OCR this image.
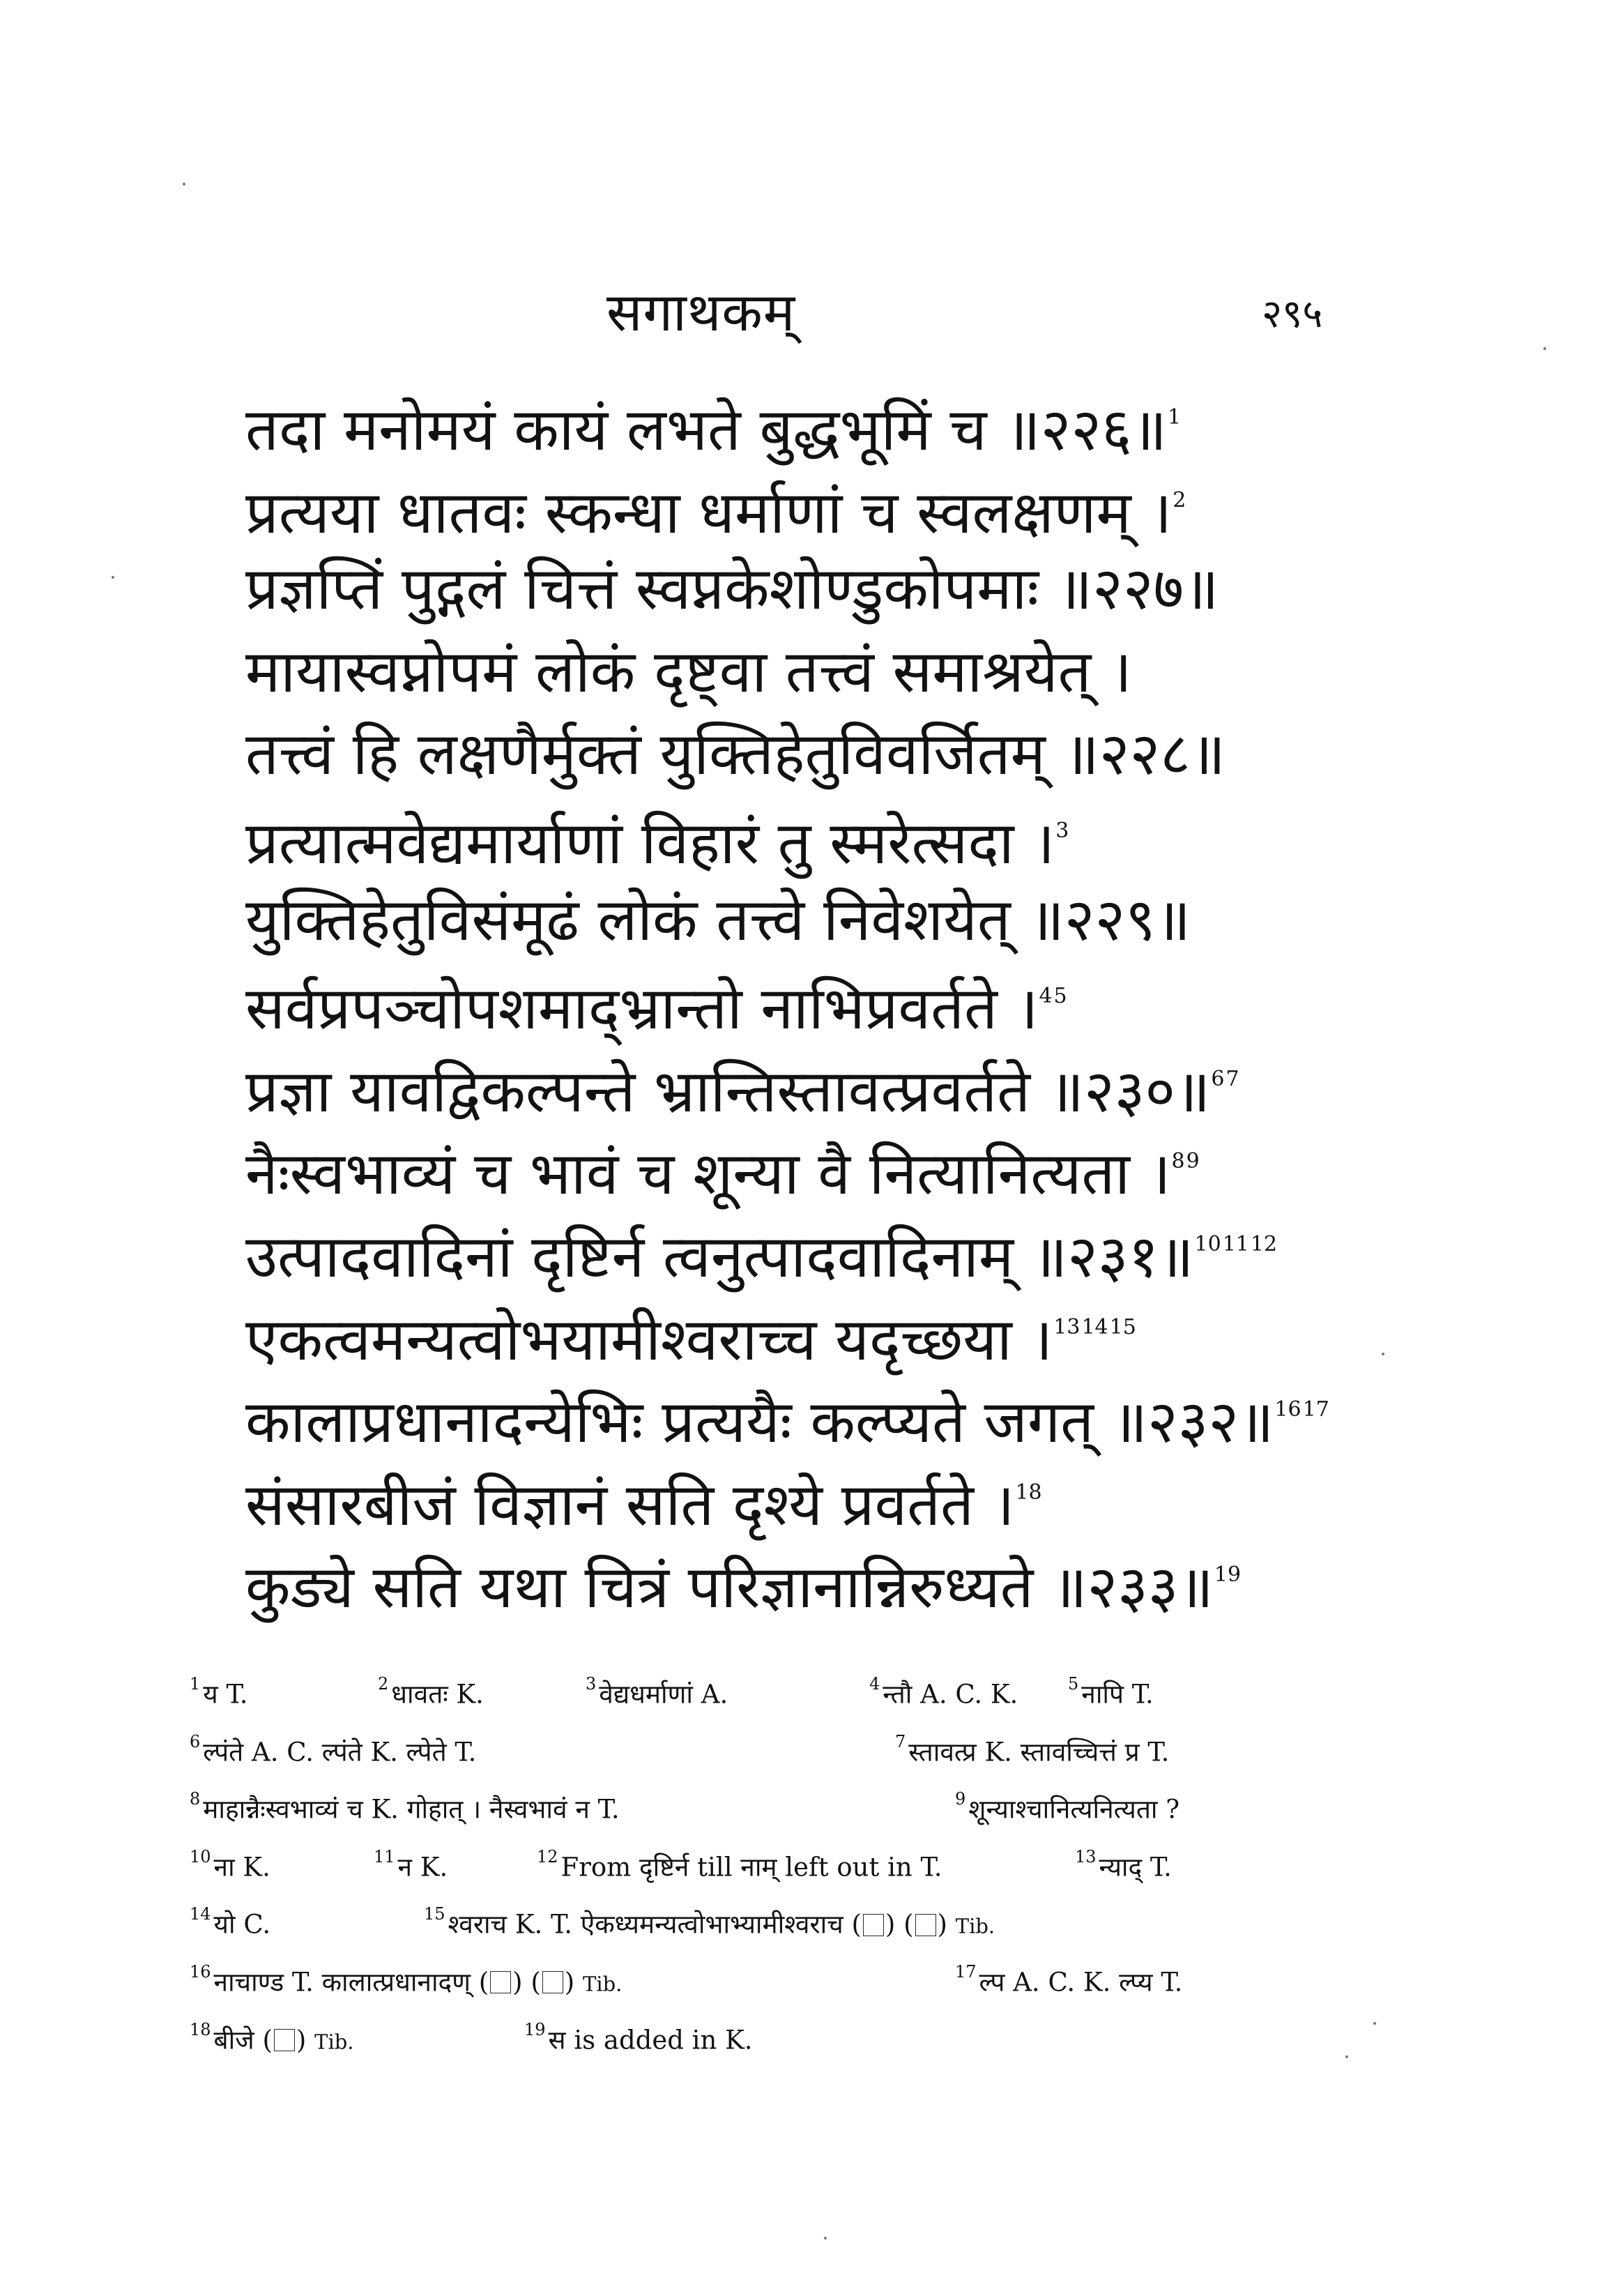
सगाथकम्	२९५
तदा मनोमयं कायं लभते बुद्धभूमिं च ॥२२६॥$^1$
प्रत्यया धातवः स्कन्धा धर्माणां च स्वलक्षणम् ।$^2$
प्रज्ञप्तिं पुद्गलं चित्तं स्वप्नकेशोण्डुकोपमाः ॥२२७॥
मायास्वप्नोपमं लोकं दृष्ट्वा तत्त्वं समाश्रयेत् ।
तत्त्वं हि लक्षणैर्मुक्तं युक्तिहेतुविवर्जितम् ॥२२८॥
प्रत्यात्मवेद्यमार्याणां विहारं तु स्मरेत्सदा ।$^3$
युक्तिहेतुविसंमूढं लोकं तत्त्वे निवेशयेत् ॥२२९॥
सर्वप्रपञ्चोपशमाद्भ्रान्तो नाभिप्रवर्तते ।$^{45}$
प्रज्ञा यावद्विकल्पन्ते भ्रान्तिस्तावत्प्रवर्तते ॥२३०॥$^{67}$
नैःस्वभाव्यं च भावं च शून्या वै नित्यानित्यता ।$^{89}$
उत्पादवादिनां दृष्टिर्न त्वनुत्पादवादिनाम् ॥२३१॥$^{101112}$
एकत्वमन्यत्वोभयामीश्वराच्च यदृच्छया ।$^{131415}$
कालाप्रधानादन्येभिः प्रत्ययैः कल्प्यते जगत् ॥२३२॥$^{1617}$
संसारबीजं विज्ञानं सति दृश्ये प्रवर्तते ।$^{18}$
कुड्ये सति यथा चित्रं परिज्ञानान्निरुध्यते ॥२३३॥$^{19}$
$^1$ य T.	$^2$ धावतः K.	$^3$ वेद्यधर्माणां A.	$^4$ न्तौ A. C. K.	$^5$ नापि T.
$^6$ ल्पंते A. C. ल्पंते K. ल्पेते T.	$^7$ स्तावत्प्र K. स्तावच्चित्तं प्र T.
$^8$ माहान्नैःस्वभाव्यं च K. गोहात् । नैस्वभावं न T.	$^9$ शून्याश्चानित्यनित्यता ?
$^{10}$ ना K.	$^{11}$ न K.	$^{12}$ From दृष्टिर्न till नाम् left out in T.	$^{13}$ न्याद् T.
$^{14}$ यो C.	$^{15}$ श्वराच K. T. ऐकध्यमन्यत्वोभाभ्यामीश्वराच ( ) ( ) Tib.
$^{16}$ नाचाण्ड T. कालात्प्रधानादण् ( ) ( ) Tib.
$^{17}$ ल्प A. C. K. ल्प्य T.
$^{18}$ बीजे ( ) Tib.
$^{19}$ स is added in K.
